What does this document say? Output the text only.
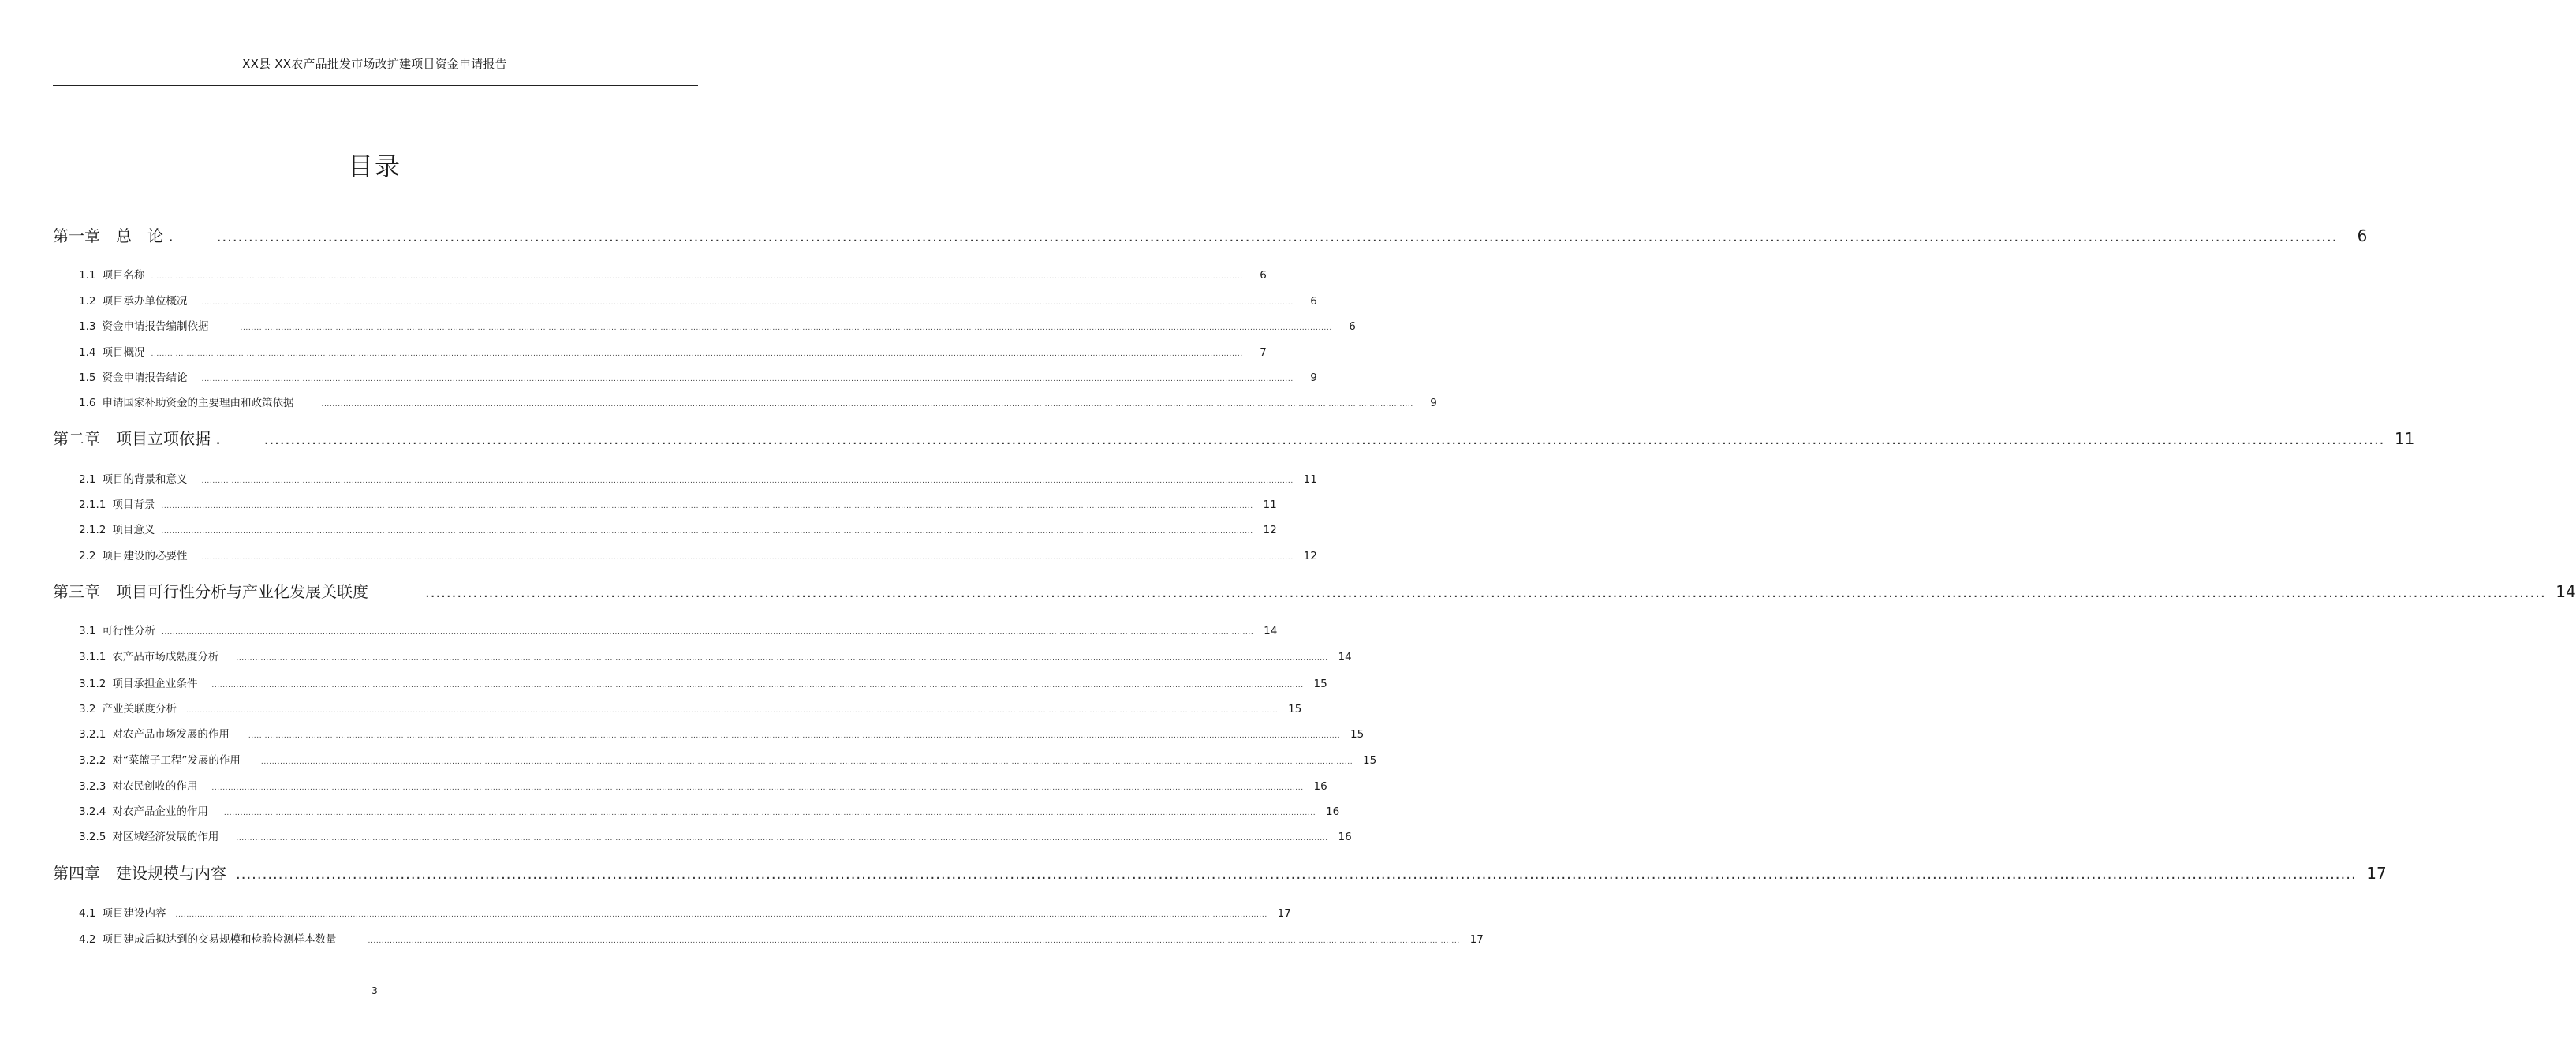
XX县 XX农产品批发市场改扩建项目资金申请报告
目录
第一章 总　论 .	................................................................................................................................................................................................................................................................................................................................................................................................................	6
1.1 项目名称 ................................................................................................................................................................................................................................................................................................................................................................................................................	6
1.2 项目承办单位概况 ................................................................................................................................................................................................................................................................................................................................................................................................................	6
1.3 资金申请报告编制依据	................................................................................................................................................................................................................................................................................................................................................................................................................	6
1.4 项目概况 ................................................................................................................................................................................................................................................................................................................................................................................................................	7
1.5 资金申请报告结论 ................................................................................................................................................................................................................................................................................................................................................................................................................	9
1.6 申请国家补助资金的主要理由和政策依据	................................................................................................................................................................................................................................................................................................................................................................................................................	9
第二章 项目立项依据 .	................................................................................................................................................................................................................................................................................................................................................................................................................ 11
2.1 项目的背景和意义 ................................................................................................................................................................................................................................................................................................................................................................................................................ 11
2.1.1 项目背景 ................................................................................................................................................................................................................................................................................................................................................................................................................ 11
2.1.2 项目意义 ................................................................................................................................................................................................................................................................................................................................................................................................................ 12
2.2 项目建设的必要性 ................................................................................................................................................................................................................................................................................................................................................................................................................ 12
第三章 项目可行性分析与产业化发展关联度	................................................................................................................................................................................................................................................................................................................................................................................................................ 14
3.1 可行性分析 ................................................................................................................................................................................................................................................................................................................................................................................................................ 14
3.1.1 农产品市场成熟度分析 ................................................................................................................................................................................................................................................................................................................................................................................................................ 14
3.1.2 项目承担企业条件 ................................................................................................................................................................................................................................................................................................................................................................................................................ 15
3.2 产业关联度分析 ................................................................................................................................................................................................................................................................................................................................................................................................................ 15
3.2.1 对农产品市场发展的作用	................................................................................................................................................................................................................................................................................................................................................................................................................ 15
3.2.2 对“菜篮子工程”发展的作用	................................................................................................................................................................................................................................................................................................................................................................................................................ 15
3.2.3 对农民创收的作用 ................................................................................................................................................................................................................................................................................................................................................................................................................ 16
3.2.4 对农产品企业的作用 ................................................................................................................................................................................................................................................................................................................................................................................................................ 16
3.2.5 对区域经济发展的作用 ................................................................................................................................................................................................................................................................................................................................................................................................................ 16
第四章 建设规模与内容 ................................................................................................................................................................................................................................................................................................................................................................................................................ 17
4.1 项目建设内容 ................................................................................................................................................................................................................................................................................................................................................................................................................ 17
4.2 项目建成后拟达到的交易规模和检验检测样本数量	................................................................................................................................................................................................................................................................................................................................................................................................................ 17
3
